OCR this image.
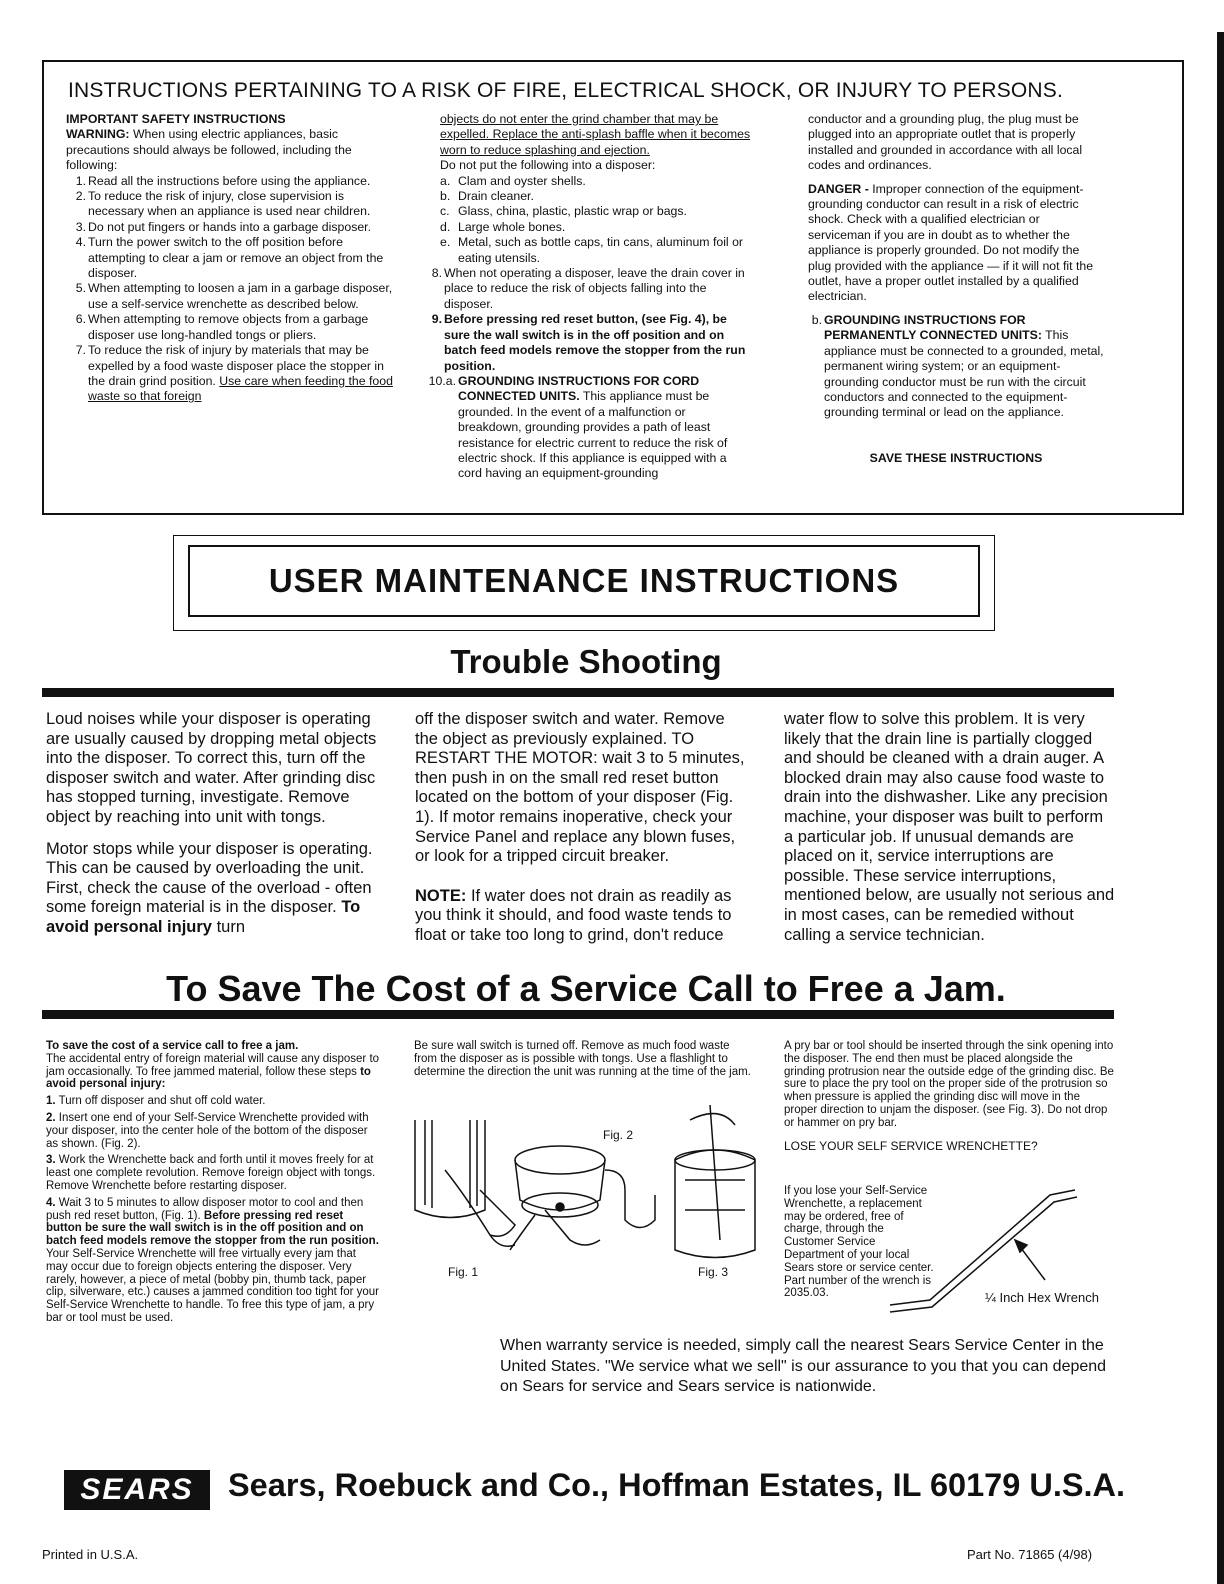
INSTRUCTIONS PERTAINING TO A RISK OF FIRE, ELECTRICAL SHOCK, OR INJURY TO PERSONS.

IMPORTANT SAFETY INSTRUCTIONS

WARNING: When using electric appliances, basic precautions should always be followed, including the following:

1. Read all the instructions before using the appliance.
2. To reduce the risk of injury, close supervision is necessary when an appliance is used near children.
3. Do not put fingers or hands into a garbage disposer.
4. Turn the power switch to the off position before attempting to clear a jam or remove an object from the disposer.
5. When attempting to loosen a jam in a garbage disposer, use a self-service wrenchette as described below.
6. When attempting to remove objects from a garbage disposer use long-handled tongs or pliers.
7. To reduce the risk of injury by materials that may be expelled by a food waste disposer place the stopper in the drain grind position. Use care when feeding the food waste so that foreign

objects do not enter the grind chamber that may be expelled. Replace the anti-splash baffle when it becomes worn to reduce splashing and ejection.

Do not put the following into a disposer:

a. Clam and oyster shells.
b. Drain cleaner.
c. Glass, china, plastic, plastic wrap or bags.
d. Large whole bones.
e. Metal, such as bottle caps, tin cans, aluminum foil or eating utensils.
8. When not operating a disposer, leave the drain cover in place to reduce the risk of objects falling into the disposer.
9. Before pressing red reset button, (see Fig. 4), be sure the wall switch is in the off position and on batch feed models remove the stopper from the run position.
10.a. GROUNDING INSTRUCTIONS FOR CORD CONNECTED UNITS. This appliance must be grounded. In the event of a malfunction or breakdown, grounding provides a path of least resistance for electric current to reduce the risk of electric shock. If this appliance is equipped with a cord having an equipment-grounding

conductor and a grounding plug, the plug must be plugged into an appropriate outlet that is properly installed and grounded in accordance with all local codes and ordinances.

DANGER - Improper connection of the equipment-grounding conductor can result in a risk of electric shock. Check with a qualified electrician or serviceman if you are in doubt as to whether the appliance is properly grounded. Do not modify the plug provided with the appliance — if it will not fit the outlet, have a proper outlet installed by a qualified electrician.

b. GROUNDING INSTRUCTIONS FOR PERMANENTLY CONNECTED UNITS: This appliance must be connected to a grounded, metal, permanent wiring system; or an equipment-grounding conductor must be run with the circuit conductors and connected to the equipment-grounding terminal or lead on the appliance.

SAVE THESE INSTRUCTIONS

USER MAINTENANCE INSTRUCTIONS
Trouble Shooting

Loud noises while your disposer is operating are usually caused by dropping metal objects into the disposer. To correct this, turn off the disposer switch and water. After grinding disc has stopped turning, investigate. Remove object by reaching into unit with tongs.

Motor stops while your disposer is operating. This can be caused by overloading the unit. First, check the cause of the overload - often some foreign material is in the disposer. To avoid personal injury turn

off the disposer switch and water. Remove the object as previously explained. TO RESTART THE MOTOR: wait 3 to 5 minutes, then push in on the small red reset button located on the bottom of your disposer (Fig. 1). If motor remains inoperative, check your Service Panel and replace any blown fuses, or look for a tripped circuit breaker.

NOTE: If water does not drain as readily as you think it should, and food waste tends to float or take too long to grind, don't reduce

water flow to solve this problem. It is very likely that the drain line is partially clogged and should be cleaned with a drain auger. A blocked drain may also cause food waste to drain into the dishwasher. Like any precision machine, your disposer was built to perform a particular job. If unusual demands are placed on it, service interruptions are possible. These service interruptions, mentioned below, are usually not serious and in most cases, can be remedied without calling a service technician.

To Save The Cost of a Service Call to Free a Jam.

To save the cost of a service call to free a jam.

The accidental entry of foreign material will cause any disposer to jam occasionally. To free jammed material, follow these steps to avoid personal injury:

1. Turn off disposer and shut off cold water.

2. Insert one end of your Self-Service Wrenchette provided with your disposer, into the center hole of the bottom of the disposer as shown. (Fig. 2).

3. Work the Wrenchette back and forth until it moves freely for at least one complete revolution. Remove foreign object with tongs. Remove Wrenchette before restarting disposer.

4. Wait 3 to 5 minutes to allow disposer motor to cool and then push red reset button, (Fig. 1). Before pressing red reset button be sure the wall switch is in the off position and on batch feed models remove the stopper from the run position.

Your Self-Service Wrenchette will free virtually every jam that may occur due to foreign objects entering the disposer. Very rarely, however, a piece of metal (bobby pin, thumb tack, paper clip, silverware, etc.) causes a jammed condition too tight for your Self-Service Wrenchette to handle. To free this type of jam, a pry bar or tool must be used.

Be sure wall switch is turned off. Remove as much food waste from the disposer as is possible with tongs. Use a flashlight to determine the direction the unit was running at the time of the jam.

Fig. 2
Fig. 1	Fig. 3

A pry bar or tool should be inserted through the sink opening into the disposer. The end then must be placed alongside the grinding protrusion near the outside edge of the grinding disc. Be sure to place the pry tool on the proper side of the protrusion so when pressure is applied the grinding disc will move in the proper direction to unjam the disposer. (see Fig. 3). Do not drop or hammer on pry bar.

LOSE YOUR SELF SERVICE WRENCHETTE?

If you lose your Self-Service Wrenchette, a replacement may be ordered, free of charge, through the Customer Service Department of your local Sears store or service center. Part number of the wrench is 2035.03.	¼ Inch Hex Wrench
When warranty service is needed, simply call the nearest Sears Service Center in the United States. "We service what we sell" is our assurance to you that you can depend on Sears for service and Sears service is nationwide.
SEARS	Sears, Roebuck and Co., Hoffman Estates, IL 60179 U.S.A.
Printed in U.S.A.	Part No. 71865 (4/98)
